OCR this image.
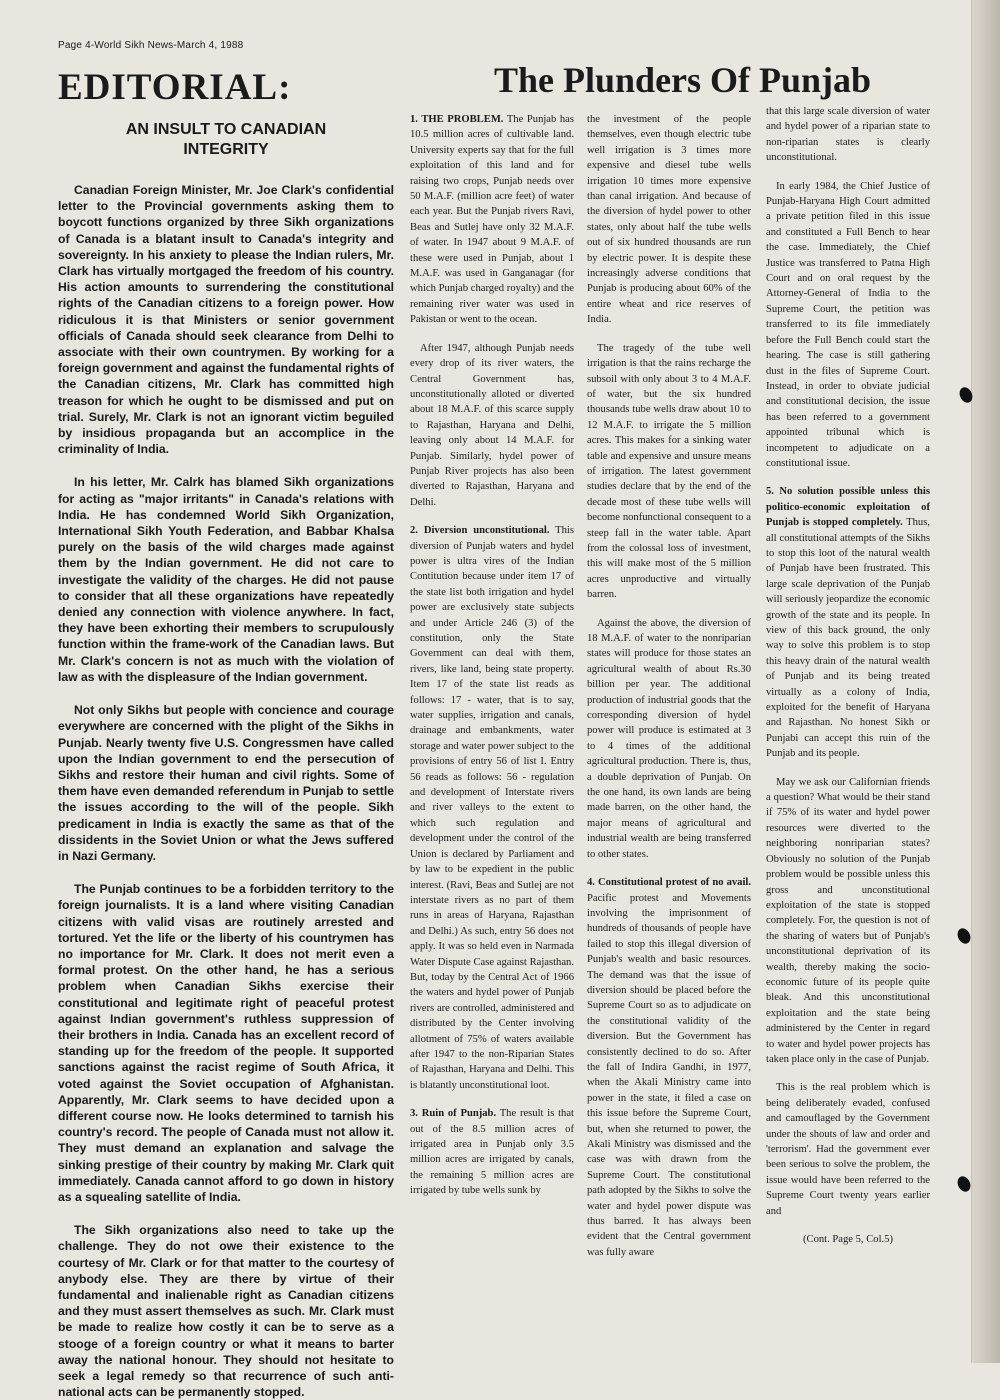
Page 4-World Sikh News-March 4, 1988
EDITORIAL:	The Plunders Of Punjab
AN INSULT TO CANADIAN
INTEGRITY

Canadian Foreign Minister, Mr. Joe Clark's confidential letter to the Provincial governments asking them to boycott functions organized by three Sikh organizations of Canada is a blatant insult to Canada's integrity and sovereignty. In his anxiety to please the Indian rulers, Mr. Clark has virtually mortgaged the freedom of his country. His action amounts to surrendering the constitutional rights of the Canadian citizens to a foreign power. How ridiculous it is that Ministers or senior government officials of Canada should seek clearance from Delhi to associate with their own countrymen. By working for a foreign government and against the fundamental rights of the Canadian citizens, Mr. Clark has committed high treason for which he ought to be dismissed and put on trial. Surely, Mr. Clark is not an ignorant victim beguiled by insidious propaganda but an accomplice in the criminality of India.

In his letter, Mr. Calrk has blamed Sikh organizations for acting as "major irritants" in Canada's relations with India. He has condemned World Sikh Organization, International Sikh Youth Federation, and Babbar Khalsa purely on the basis of the wild charges made against them by the Indian government. He did not care to investigate the validity of the charges. He did not pause to consider that all these organizations have repeatedly denied any connection with violence anywhere. In fact, they have been exhorting their members to scrupulously function within the frame-work of the Canadian laws. But Mr. Clark's concern is not as much with the violation of law as with the displeasure of the Indian government.

Not only Sikhs but people with concience and courage everywhere are concerned with the plight of the Sikhs in Punjab. Nearly twenty five U.S. Congressmen have called upon the Indian government to end the persecution of Sikhs and restore their human and civil rights. Some of them have even demanded referendum in Punjab to settle the issues according to the will of the people. Sikh predicament in India is exactly the same as that of the dissidents in the Soviet Union or what the Jews suffered in Nazi Germany.

The Punjab continues to be a forbidden territory to the foreign journalists. It is a land where visiting Canadian citizens with valid visas are routinely arrested and tortured. Yet the life or the liberty of his countrymen has no importance for Mr. Clark. It does not merit even a formal protest. On the other hand, he has a serious problem when Canadian Sikhs exercise their constitutional and legitimate right of peaceful protest against Indian government's ruthless suppression of their brothers in India. Canada has an excellent record of standing up for the freedom of the people. It supported sanctions against the racist regime of South Africa, it voted against the Soviet occupation of Afghanistan. Apparently, Mr. Clark seems to have decided upon a different course now. He looks determined to tarnish his country's record. The people of Canada must not allow it. They must demand an explanation and salvage the sinking prestige of their country by making Mr. Clark quit immediately. Canada cannot afford to go down in history as a squealing satellite of India.

The Sikh organizations also need to take up the challenge. They do not owe their existence to the courtesy of Mr. Clark or for that matter to the courtesy of anybody else. They are there by virtue of their fundamental and inalienable right as Canadian citizens and they must assert themselves as such. Mr. Clark must be made to realize how costly it can be to serve as a stooge of a foreign country or what it means to barter away the national honour. They should not hesitate to seek a legal remedy so that recurrence of such anti-national acts can be permanently stopped.

1. THE PROBLEM. The Punjab has 10.5 million acres of cultivable land. University experts say that for the full exploitation of this land and for raising two crops, Punjab needs over 50 M.A.F. (million acre feet) of water each year. But the Punjab rivers Ravi, Beas and Sutlej have only 32 M.A.F. of water. In 1947 about 9 M.A.F. of these were used in Punjab, about 1 M.A.F. was used in Ganganagar (for which Punjab charged royalty) and the remaining river water was used in Pakistan or went to the ocean.

After 1947, although Punjab needs every drop of its river waters, the Central Government has, unconstitutionally alloted or diverted about 18 M.A.F. of this scarce supply to Rajasthan, Haryana and Delhi, leaving only about 14 M.A.F. for Punjab. Similarly, hydel power of Punjab River projects has also been diverted to Rajasthan, Haryana and Delhi.

2. Diversion unconstitutional. This diversion of Punjab waters and hydel power is ultra vires of the Indian Contitution because under item 17 of the state list both irrigation and hydel power are exclusively state subjects and under Article 246 (3) of the constitution, only the State Government can deal with them, rivers, like land, being state property. Item 17 of the state list reads as follows: 17 - water, that is to say, water supplies, irrigation and canals, drainage and embankments, water storage and water power subject to the provisions of entry 56 of list I. Entry 56 reads as follows: 56 - regulation and development of Interstate rivers and river valleys to the extent to which such regulation and development under the control of the Union is declared by Parliament and by law to be expedient in the public interest. (Ravi, Beas and Sutlej are not interstate rivers as no part of them runs in areas of Haryana, Rajasthan and Delhi.) As such, entry 56 does not apply. It was so held even in Narmada Water Dispute Case against Rajasthan. But, today by the Central Act of 1966 the waters and hydel power of Punjab rivers are controlled, administered and distributed by the Center involving allotment of 75% of waters available after 1947 to the non-Riparian States of Rajasthan, Haryana and Delhi. This is blatantly unconstitutional loot.

3. Ruin of Punjab. The result is that out of the 8.5 million acres of irrigated area in Punjab only 3.5 million acres are irrigated by canals, the remaining 5 million acres are irrigated by tube wells sunk by

the investment of the people themselves, even though electric tube well irrigation is 3 times more expensive and diesel tube wells irrigation 10 times more expensive than canal irrigation. And because of the diversion of hydel power to other states, only about half the tube wells out of six hundred thousands are run by electric power. It is despite these increasingly adverse conditions that Punjab is producing about 60% of the entire wheat and rice reserves of India.

The tragedy of the tube well irrigation is that the rains recharge the subsoil with only about 3 to 4 M.A.F. of water, but the six hundred thousands tube wells draw about 10 to 12 M.A.F. to irrigate the 5 million acres. This makes for a sinking water table and expensive and unsure means of irrigation. The latest government studies declare that by the end of the decade most of these tube wells will become nonfunctional consequent to a steep fall in the water table. Apart from the colossal loss of investment, this will make most of the 5 million acres unproductive and virtually barren.

Against the above, the diversion of 18 M.A.F. of water to the nonriparian states will produce for those states an agricultural wealth of about Rs.30 billion per year. The additional production of industrial goods that the corresponding diversion of hydel power will produce is estimated at 3 to 4 times of the additional agricultural production. There is, thus, a double deprivation of Punjab. On the one hand, its own lands are being made barren, on the other hand, the major means of agricultural and industrial wealth are being transferred to other states.

4. Constitutional protest of no avail. Pacific protest and Movements involving the imprisonment of hundreds of thousands of people have failed to stop this illegal diversion of Punjab's wealth and basic resources. The demand was that the issue of diversion should be placed before the Supreme Court so as to adjudicate on the constitutional validity of the diversion. But the Government has consistently declined to do so. After the fall of Indira Gandhi, in 1977, when the Akali Ministry came into power in the state, it filed a case on this issue before the Supreme Court, but, when she returned to power, the Akali Ministry was dismissed and the case was with drawn from the Supreme Court. The constitutional path adopted by the Sikhs to solve the water and hydel power dispute was thus barred. It has always been evident that the Central government was fully aware

that this large scale diversion of water and hydel power of a riparian state to non-riparian states is clearly unconstitutional.

In early 1984, the Chief Justice of Punjab-Haryana High Court admitted a private petition filed in this issue and constituted a Full Bench to hear the case. Immediately, the Chief Justice was transferred to Patna High Court and on oral request by the Attorney-General of India to the Supreme Court, the petition was transferred to its file immediately before the Full Bench could start the hearing. The case is still gathering dust in the files of Supreme Court. Instead, in order to obviate judicial and constitutional decision, the issue has been referred to a government appointed tribunal which is incompetent to adjudicate on a constitutional issue.

5. No solution possible unless this politico-economic exploitation of Punjab is stopped completely. Thus, all constitutional attempts of the Sikhs to stop this loot of the natural wealth of Punjab have been frustrated. This large scale deprivation of the Punjab will seriously jeopardize the economic growth of the state and its people. In view of this back ground, the only way to solve this problem is to stop this heavy drain of the natural wealth of Punjab and its being treated virtually as a colony of India, exploited for the benefit of Haryana and Rajasthan. No honest Sikh or Punjabi can accept this ruin of the Punjab and its people.

May we ask our Californian friends a question? What would be their stand if 75% of its water and hydel power resources were diverted to the neighboring nonriparian states? Obviously no solution of the Punjab problem would be possible unless this gross and unconstitutional exploitation of the state is stopped completely. For, the question is not of the sharing of waters but of Punjab's unconstitutional deprivation of its wealth, thereby making the socio-economic future of its people quite bleak. And this unconstitutional exploitation and the state being administered by the Center in regard to water and hydel power projects has taken place only in the case of Punjab.

This is the real problem which is being deliberately evaded, confused and camouflaged by the Government under the shouts of law and order and 'terrorism'. Had the government ever been serious to solve the problem, the issue would have been referred to the Supreme Court twenty years earlier and

(Cont. Page 5, Col.5)
